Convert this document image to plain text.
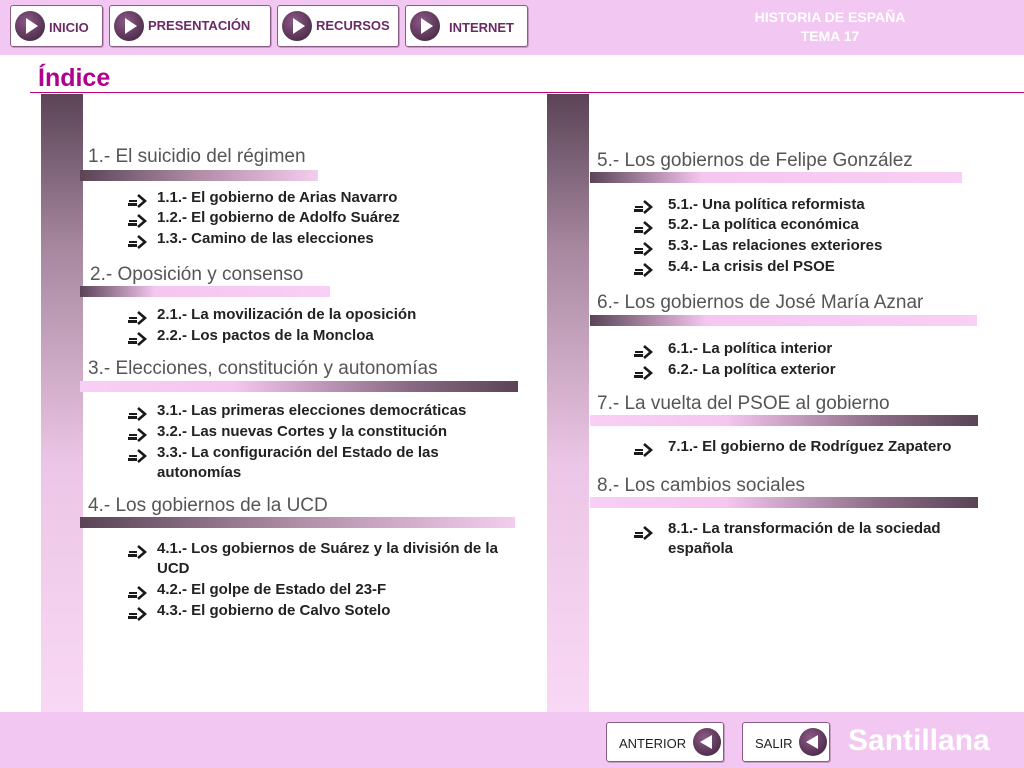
INICIO	PRESENTACIÓN	RECURSOS	INTERNET
HISTORIA DE ESPAÑA
TEMA 17
Índice
1.- El suicidio del régimen
1.1.- El gobierno de Arias Navarro
1.2.- El gobierno de Adolfo Suárez
1.3.- Camino de las elecciones
2.- Oposición y consenso
2.1.- La movilización de la oposición
2.2.- Los pactos de la Moncloa
3.- Elecciones, constitución y autonomías
3.1.- Las primeras elecciones democráticas
3.2.- Las nuevas Cortes y la constitución
3.3.- La configuración del Estado de las autonomías
4.- Los gobiernos de la UCD
4.1.- Los gobiernos de Suárez y la división de la UCD
4.2.- El golpe de Estado del 23-F
4.3.- El gobierno de Calvo Sotelo
5.- Los gobiernos de Felipe González
5.1.- Una política reformista
5.2.- La política económica
5.3.- Las relaciones exteriores
5.4.- La crisis del PSOE
6.- Los gobiernos de José María Aznar
6.1.- La política interior
6.2.- La política exterior
7.- La vuelta del PSOE al gobierno
7.1.- El gobierno de Rodríguez Zapatero
8.- Los cambios sociales
8.1.- La transformación de la sociedad española
ANTERIOR	SALIR Santillana
